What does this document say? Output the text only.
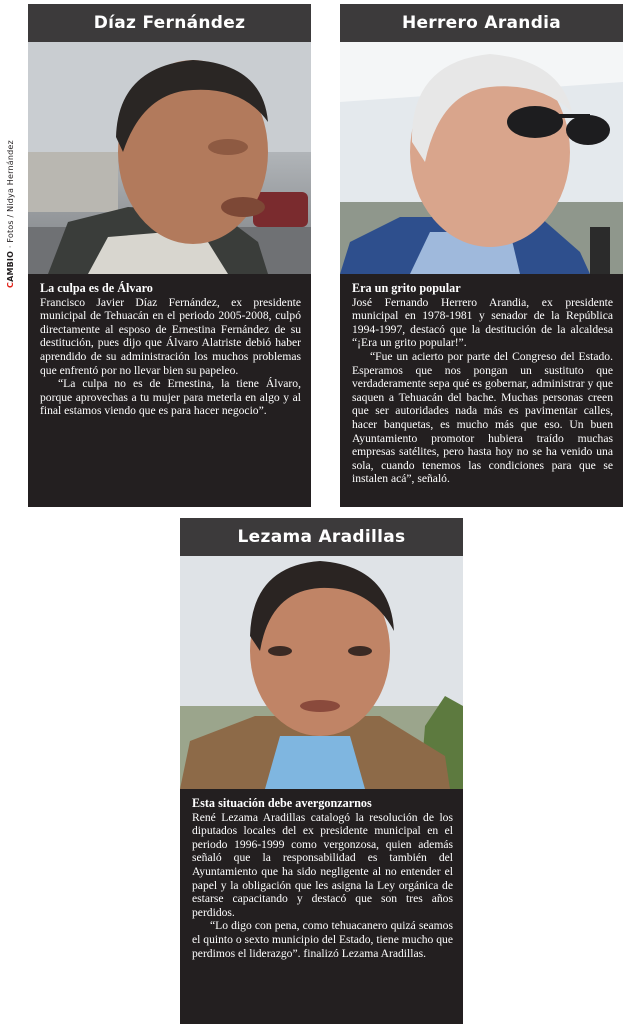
CAMBIO · Fotos / Nidya Hernández
Díaz Fernández
La culpa es de Álvaro

Francisco Javier Díaz Fernández, ex presidente municipal de Tehuacán en el periodo 2005-2008, culpó directamente al esposo de Ernestina Fernández de su destitución, pues dijo que Álvaro Alatriste debió haber aprendido de su administración los muchos problemas que enfrentó por no llevar bien su papeleo.

“La culpa no es de Ernestina, la tiene Álvaro, porque aprovechas a tu mujer para meterla en algo y al final estamos viendo que es para hacer negocio”.

Herrero Arandia
Era un grito popular

José Fernando Herrero Arandia, ex presidente municipal en 1978-1981 y senador de la República 1994-1997, destacó que la destitución de la alcaldesa “¡Era un grito popular!”.

“Fue un acierto por parte del Congreso del Estado. Esperamos que nos pongan un sustituto que verdaderamente sepa qué es gobernar, administrar y que saquen a Tehuacán del bache. Muchas personas creen que ser autoridades nada más es pavimentar calles, hacer banquetas, es mucho más que eso. Un buen Ayuntamiento promotor hubiera traído muchas empresas satélites, pero hasta hoy no se ha venido una sola, cuando tenemos las condiciones para que se instalen acá”, señaló.

Lezama Aradillas
Esta situación debe avergonzarnos

René Lezama Aradillas catalogó la resolución de los diputados locales del ex presidente municipal en el periodo 1996-1999 como vergonzosa, quien además señaló que la responsabilidad es también del Ayuntamiento que ha sido negligente al no entender el papel y la obligación que les asigna la Ley orgánica de estarse capacitando y destacó que son tres años perdidos.

“Lo digo con pena, como tehuacanero quizá seamos el quinto o sexto municipio del Estado, tiene mucho que perdimos el liderazgo”. finalizó Lezama Aradillas.
